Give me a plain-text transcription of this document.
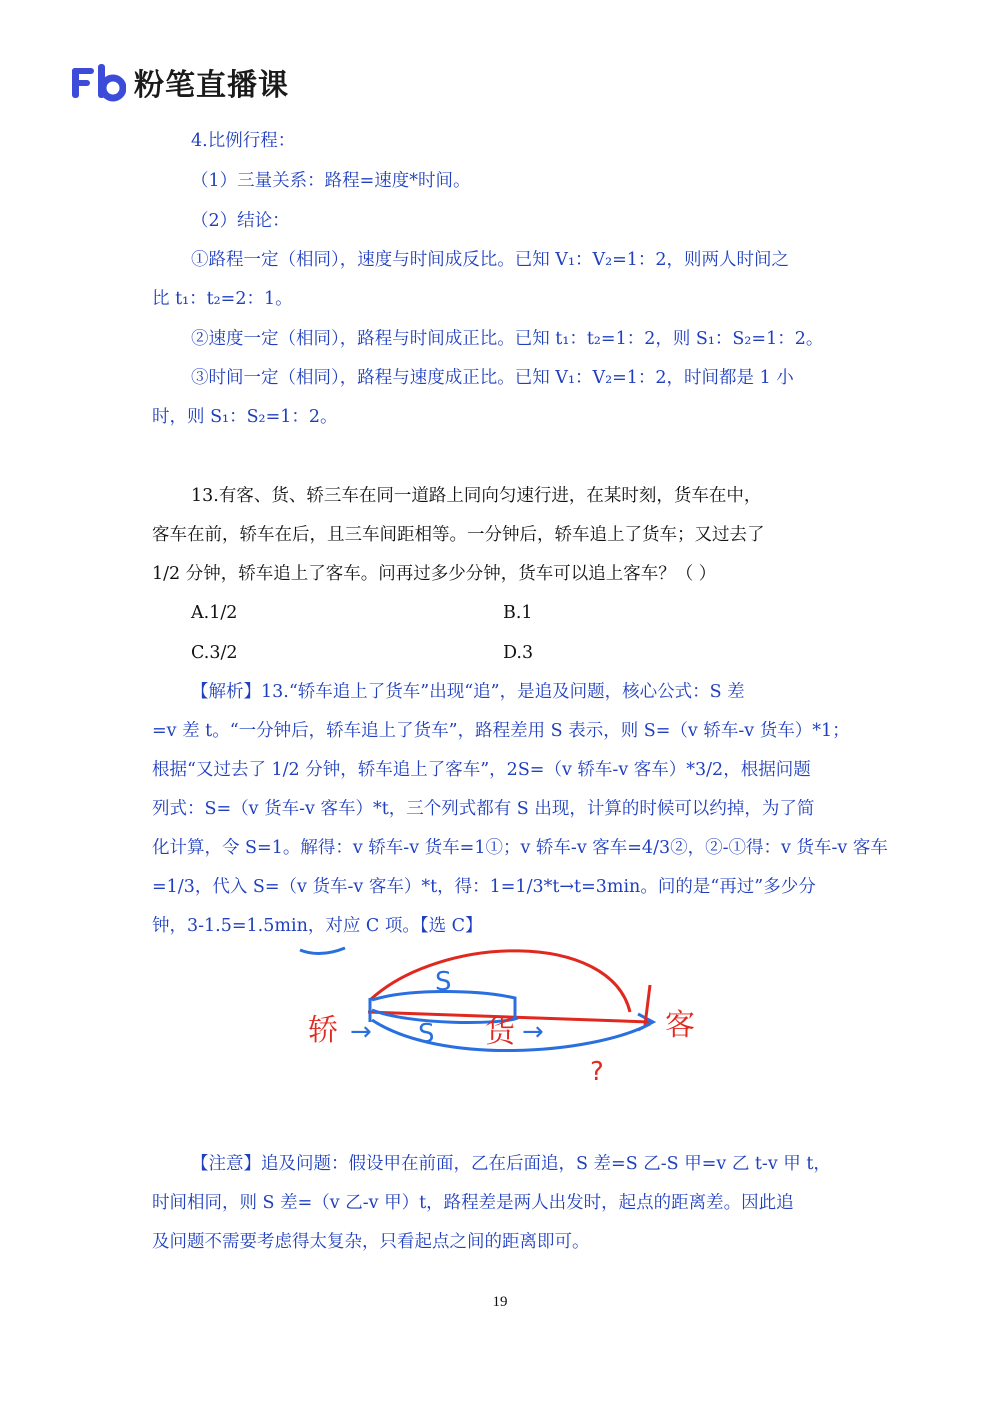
粉笔直播课
4.比例行程：
（1）三量关系：路程=速度*时间。
（2）结论：
①路程一定（相同），速度与时间成反比。已知 V₁：V₂=1：2，则两人时间之
比 t₁：t₂=2：1。
②速度一定（相同），路程与时间成正比。已知 t₁：t₂=1：2，则 S₁：S₂=1：2。
③时间一定（相同），路程与速度成正比。已知 V₁：V₂=1：2，时间都是 1 小
时，则 S₁：S₂=1：2。
13.有客、货、轿三车在同一道路上同向匀速行进，在某时刻，货车在中，
客车在前，轿车在后，且三车间距相等。一分钟后，轿车追上了货车；又过去了
1/2 分钟，轿车追上了客车。问再过多少分钟，货车可以追上客车？（ ）
A.1/2	B.1
C.3/2	D.3
【解析】13.“轿车追上了货车”出现“追”，是追及问题，核心公式：S 差
=v 差 t。“一分钟后，轿车追上了货车”，路程差用 S 表示，则 S=（v 轿车-v 货车）*1；
根据“又过去了 1/2 分钟，轿车追上了客车”，2S=（v 轿车-v 客车）*3/2，根据问题
列式：S=（v 货车-v 客车）*t，三个列式都有 S 出现，计算的时候可以约掉，为了简
化计算，令 S=1。解得：v 轿车-v 货车=1①；v 轿车-v 客车=4/3②，②-①得：v 货车-v 客车
=1/3，代入 S=（v 货车-v 客车）*t，得：1=1/3*t→t=3min。问的是“再过”多少分
钟，3-1.5=1.5min，对应 C 项。【选 C】
轿 → S
S
货 →	客
?
【注意】追及问题：假设甲在前面，乙在后面追，S 差=S 乙-S 甲=v 乙 t-v 甲 t，
时间相同，则 S 差=（v 乙-v 甲）t，路程差是两人出发时，起点的距离差。因此追
及问题不需要考虑得太复杂，只看起点之间的距离即可。
19
